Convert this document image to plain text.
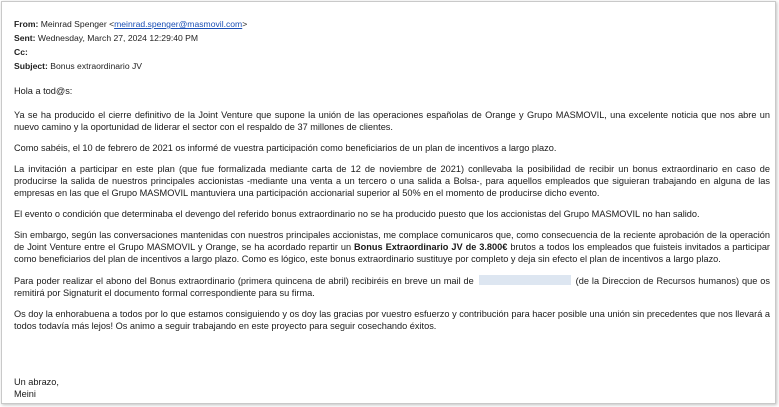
From: Meinrad Spenger <meinrad.spenger@masmovil.com>
Sent: Wednesday, March 27, 2024 12:29:40 PM
Cc:
Subject: Bonus extraordinario JV

Hola a tod@s:

Ya se ha producido el cierre definitivo de la Joint Venture que supone la unión de las operaciones españolas de Orange y Grupo MASMOVIL, una excelente noticia que nos abre un nuevo camino y la oportunidad de liderar el sector con el respaldo de 37 millones de clientes.

Como sabéis, el 10 de febrero de 2021 os informé de vuestra participación como beneficiarios de un plan de incentivos a largo plazo.

La invitación a participar en este plan (que fue formalizada mediante carta de 12 de noviembre de 2021) conllevaba la posibilidad de recibir un bonus extraordinario en caso de producirse la salida de nuestros principales accionistas -mediante una venta a un tercero o una salida a Bolsa-, para aquellos empleados que siguieran trabajando en alguna de las empresas en las que el Grupo MASMOVIL mantuviera una participación accionarial superior al 50% en el momento de producirse dicho evento.

El evento o condición que determinaba el devengo del referido bonus extraordinario no se ha producido puesto que los accionistas del Grupo MASMOVIL no han salido.

Sin embargo, según las conversaciones mantenidas con nuestros principales accionistas, me complace comunicaros que, como consecuencia de la reciente aprobación de la operación de Joint Venture entre el Grupo MASMOVIL y Orange, se ha acordado repartir un Bonus Extraordinario JV de 3.800€ brutos a todos los empleados que fuisteis invitados a participar como beneficiarios del plan de incentivos a largo plazo. Como es lógico, este bonus extraordinario sustituye por completo y deja sin efecto el plan de incentivos a largo plazo.

Para poder realizar el abono del Bonus extraordinario (primera quincena de abril) recibiréis en breve un mail de	(de la Direccion de Recursos humanos) que os remitirá por Signaturit el documento formal correspondiente para su firma.

Os doy la enhorabuena a todos por lo que estamos consiguiendo y os doy las gracias por vuestro esfuerzo y contribución para hacer posible una unión sin precedentes que nos llevará a todos todavía más lejos! Os animo a seguir trabajando en este proyecto para seguir cosechando éxitos.

Un abrazo,
Meini
